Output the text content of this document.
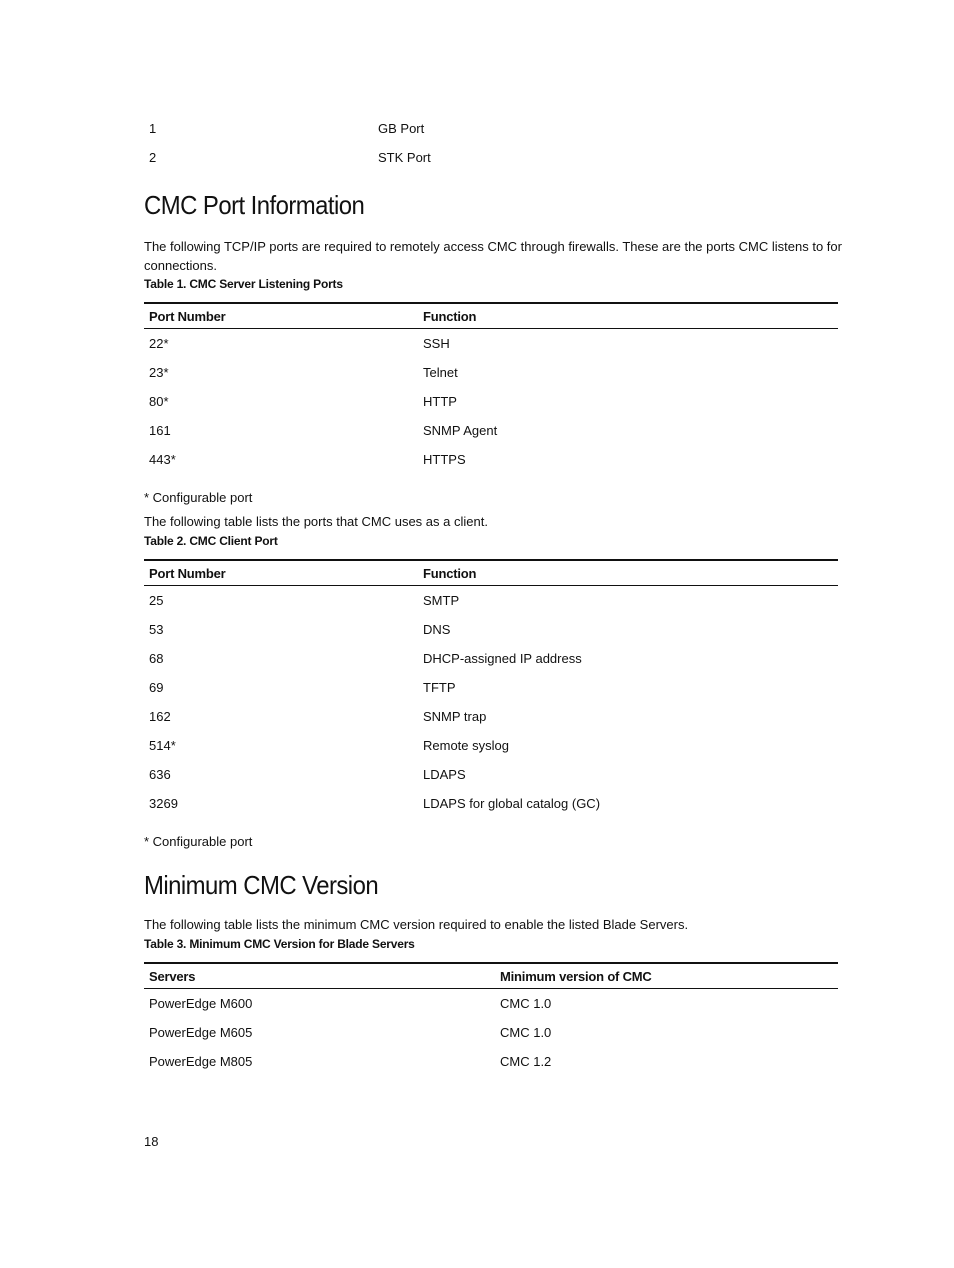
1	GB Port
2	STK Port
CMC Port Information

The following TCP/IP ports are required to remotely access CMC through firewalls. These are the ports CMC listens to for connections.

Table 1. CMC Server Listening Ports

Port Number	Function
22*	SSH
23*	Telnet
80*	HTTP
161	SNMP Agent
443*	HTTPS

* Configurable port

The following table lists the ports that CMC uses as a client.

Table 2. CMC Client Port

Port Number	Function
25	SMTP
53	DNS
68	DHCP-assigned IP address
69	TFTP
162	SNMP trap
514*	Remote syslog
636	LDAPS
3269	LDAPS for global catalog (GC)

* Configurable port

Minimum CMC Version

The following table lists the minimum CMC version required to enable the listed Blade Servers.

Table 3. Minimum CMC Version for Blade Servers

Servers	Minimum version of CMC
PowerEdge M600	CMC 1.0
PowerEdge M605	CMC 1.0
PowerEdge M805	CMC 1.2
18
